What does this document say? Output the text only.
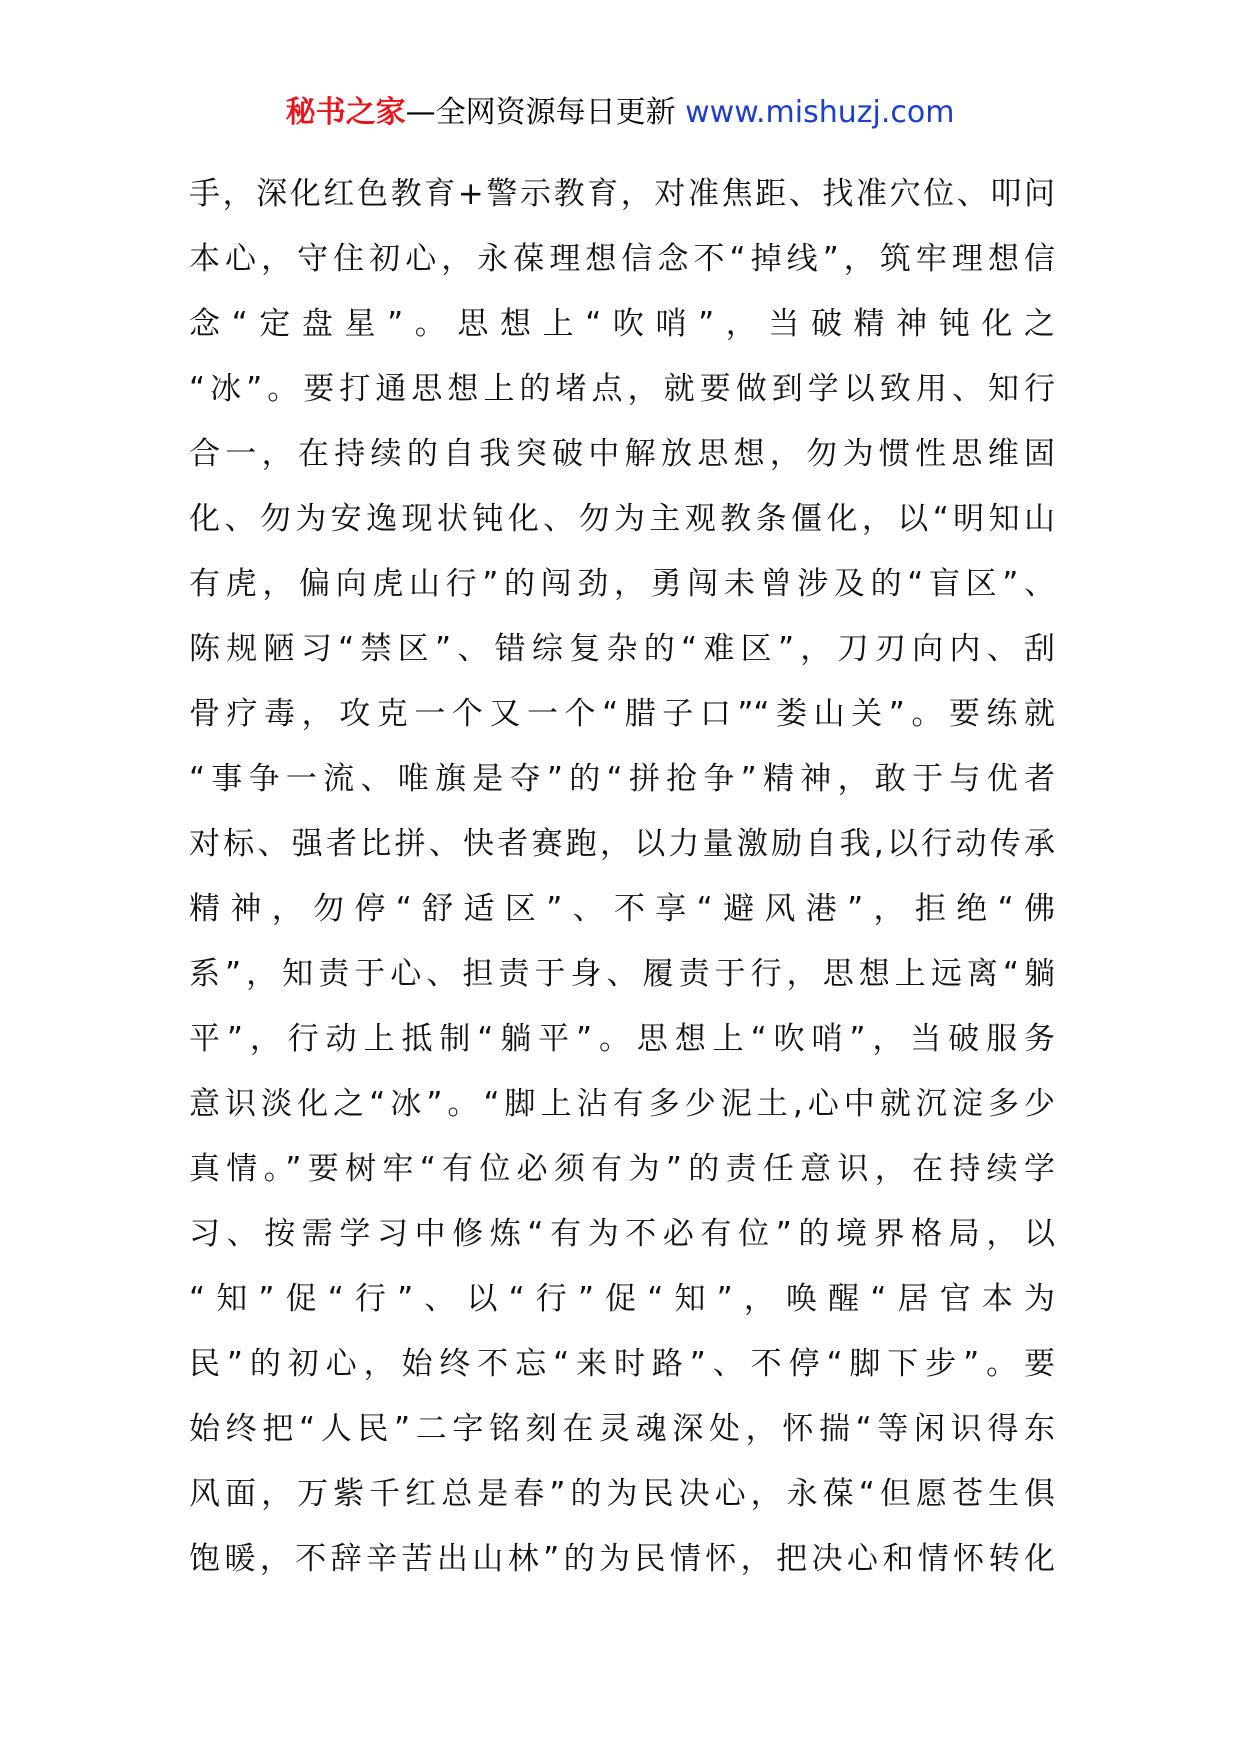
秘书之家—全网资源每日更新 www.mishuzj.com
手，深化红色教育+警示教育，对准焦距、找准穴位、叩问
本心，守住初心，永葆理想信念不“掉线”，筑牢理想信
念“定盘星”。思想上“吹哨”，当破精神钝化之
“冰”。要打通思想上的堵点，就要做到学以致用、知行
合一，在持续的自我突破中解放思想，勿为惯性思维固
化、勿为安逸现状钝化、勿为主观教条僵化，以“明知山
有虎，偏向虎山行”的闯劲，勇闯未曾涉及的“盲区”、
陈规陋习“禁区”、错综复杂的“难区”，刀刃向内、刮
骨疗毒，攻克一个又一个“腊子口”“娄山关”。要练就
“事争一流、唯旗是夺”的“拼抢争”精神，敢于与优者
对标、强者比拼、快者赛跑，以力量激励自我,以行动传承
精神，勿停“舒适区”、不享“避风港”，拒绝“佛
系”，知责于心、担责于身、履责于行，思想上远离“躺
平”，行动上抵制“躺平”。思想上“吹哨”，当破服务
意识淡化之“冰”。“脚上沾有多少泥土,心中就沉淀多少
真情。”要树牢“有位必须有为”的责任意识，在持续学
习、按需学习中修炼“有为不必有位”的境界格局，以
“知”促“行”、以“行”促“知”，唤醒“居官本为
民”的初心，始终不忘“来时路”、不停“脚下步”。要
始终把“人民”二字铭刻在灵魂深处，怀揣“等闲识得东
风面，万紫千红总是春”的为民决心，永葆“但愿苍生俱
饱暖，不辞辛苦出山林”的为民情怀，把决心和情怀转化
